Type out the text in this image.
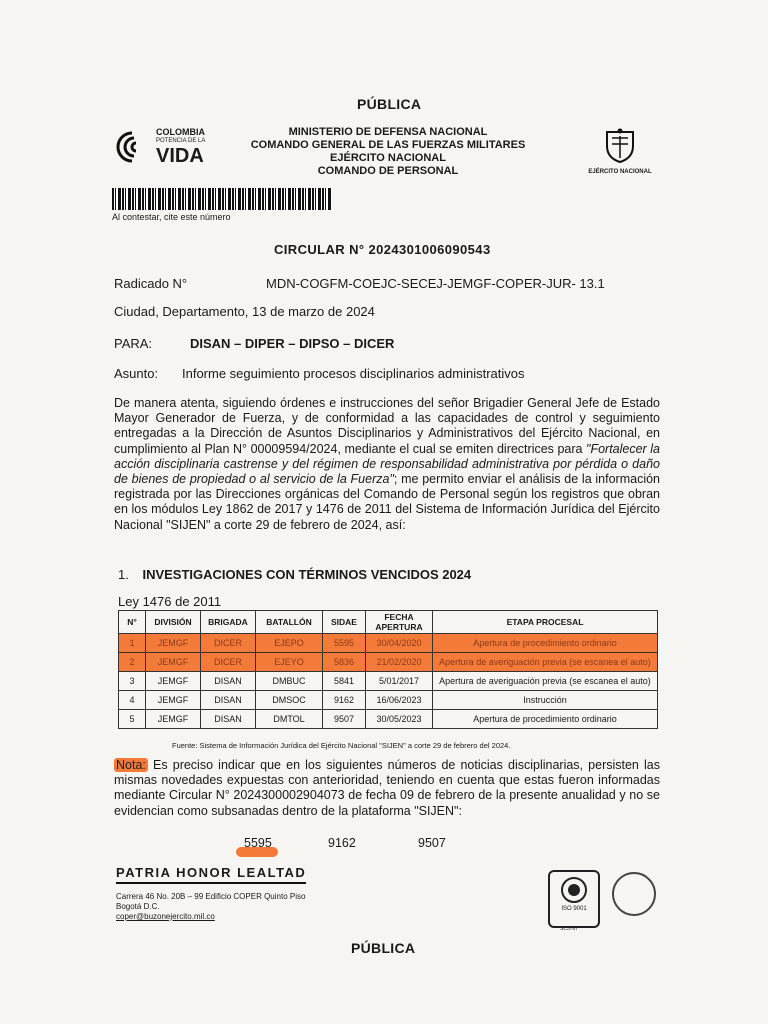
PÚBLICA
COLOMBIA
POTENCIA DE LA
VIDA
MINISTERIO DE DEFENSA NACIONAL
COMANDO GENERAL DE LAS FUERZAS MILITARES
EJÉRCITO NACIONAL
COMANDO DE PERSONAL	EJÉRCITO NACIONAL
Al contestar, cite este número
CIRCULAR N° 2024301006090543
Radicado N°	MDN-COGFM-COEJC-SECEJ-JEMGF-COPER-JUR- 13.1
Ciudad, Departamento, 13 de marzo de 2024
PARA:	DISAN – DIPER – DIPSO – DICER
Asunto: Informe seguimiento procesos disciplinarios administrativos
De manera atenta, siguiendo órdenes e instrucciones del señor Brigadier General Jefe de Estado Mayor Generador de Fuerza, y de conformidad a las capacidades de control y seguimiento entregadas a la Dirección de Asuntos Disciplinarios y Administrativos del Ejército Nacional, en cumplimiento al Plan N° 00009594/2024, mediante el cual se emiten directrices para "Fortalecer la acción disciplinaria castrense y del régimen de responsabilidad administrativa por pérdida o daño de bienes de propiedad o al servicio de la Fuerza"; me permito enviar el análisis de la información registrada por las Direcciones orgánicas del Comando de Personal según los registros que obran en los módulos Ley 1862 de 2017 y 1476 de 2011 del Sistema de Información Jurídica del Ejército Nacional "SIJEN" a corte 29 de febrero de 2024, así:
1. INVESTIGACIONES CON TÉRMINOS VENCIDOS 2024
Ley 1476 de 2011
N°	DIVISIÓN	BRIGADA	BATALLÓN	SIDAE	FECHA APERTURA	ETAPA PROCESAL
1	JEMGF	DICER	EJEPO	5595	30/04/2020	Apertura de procedimiento ordinario
2	JEMGF	DICER	EJEYO	5836	21/02/2020	Apertura de averiguación previa (se escanea el auto)
3	JEMGF	DISAN	DMBUC	5841	5/01/2017	Apertura de averiguación previa (se escanea el auto)
4	JEMGF	DISAN	DMSOC	9162	16/06/2023	Instrucción
5	JEMGF	DISAN	DMTOL	9507	30/05/2023	Apertura de procedimiento ordinario
Fuente: Sistema de Información Jurídica del Ejército Nacional "SIJEN" a corte 29 de febrero del 2024.
Nota: Es preciso indicar que en los siguientes números de noticias disciplinarias, persisten las mismas novedades expuestas con anterioridad, teniendo en cuenta que estas fueron informadas mediante Circular N° 2024300002904073 de fecha 09 de febrero de la presente anualidad y no se evidencian como subsanadas dentro de la plataforma "SIJEN":
5595	9162	9507
PATRIA HONOR LEALTAD
Carrera 46 No. 20B – 99 Edificio COPER Quinto Piso
Bogotá D.C.
coper@buzonejercito.mil.co
ISO 9001
SC3767
PÚBLICA
